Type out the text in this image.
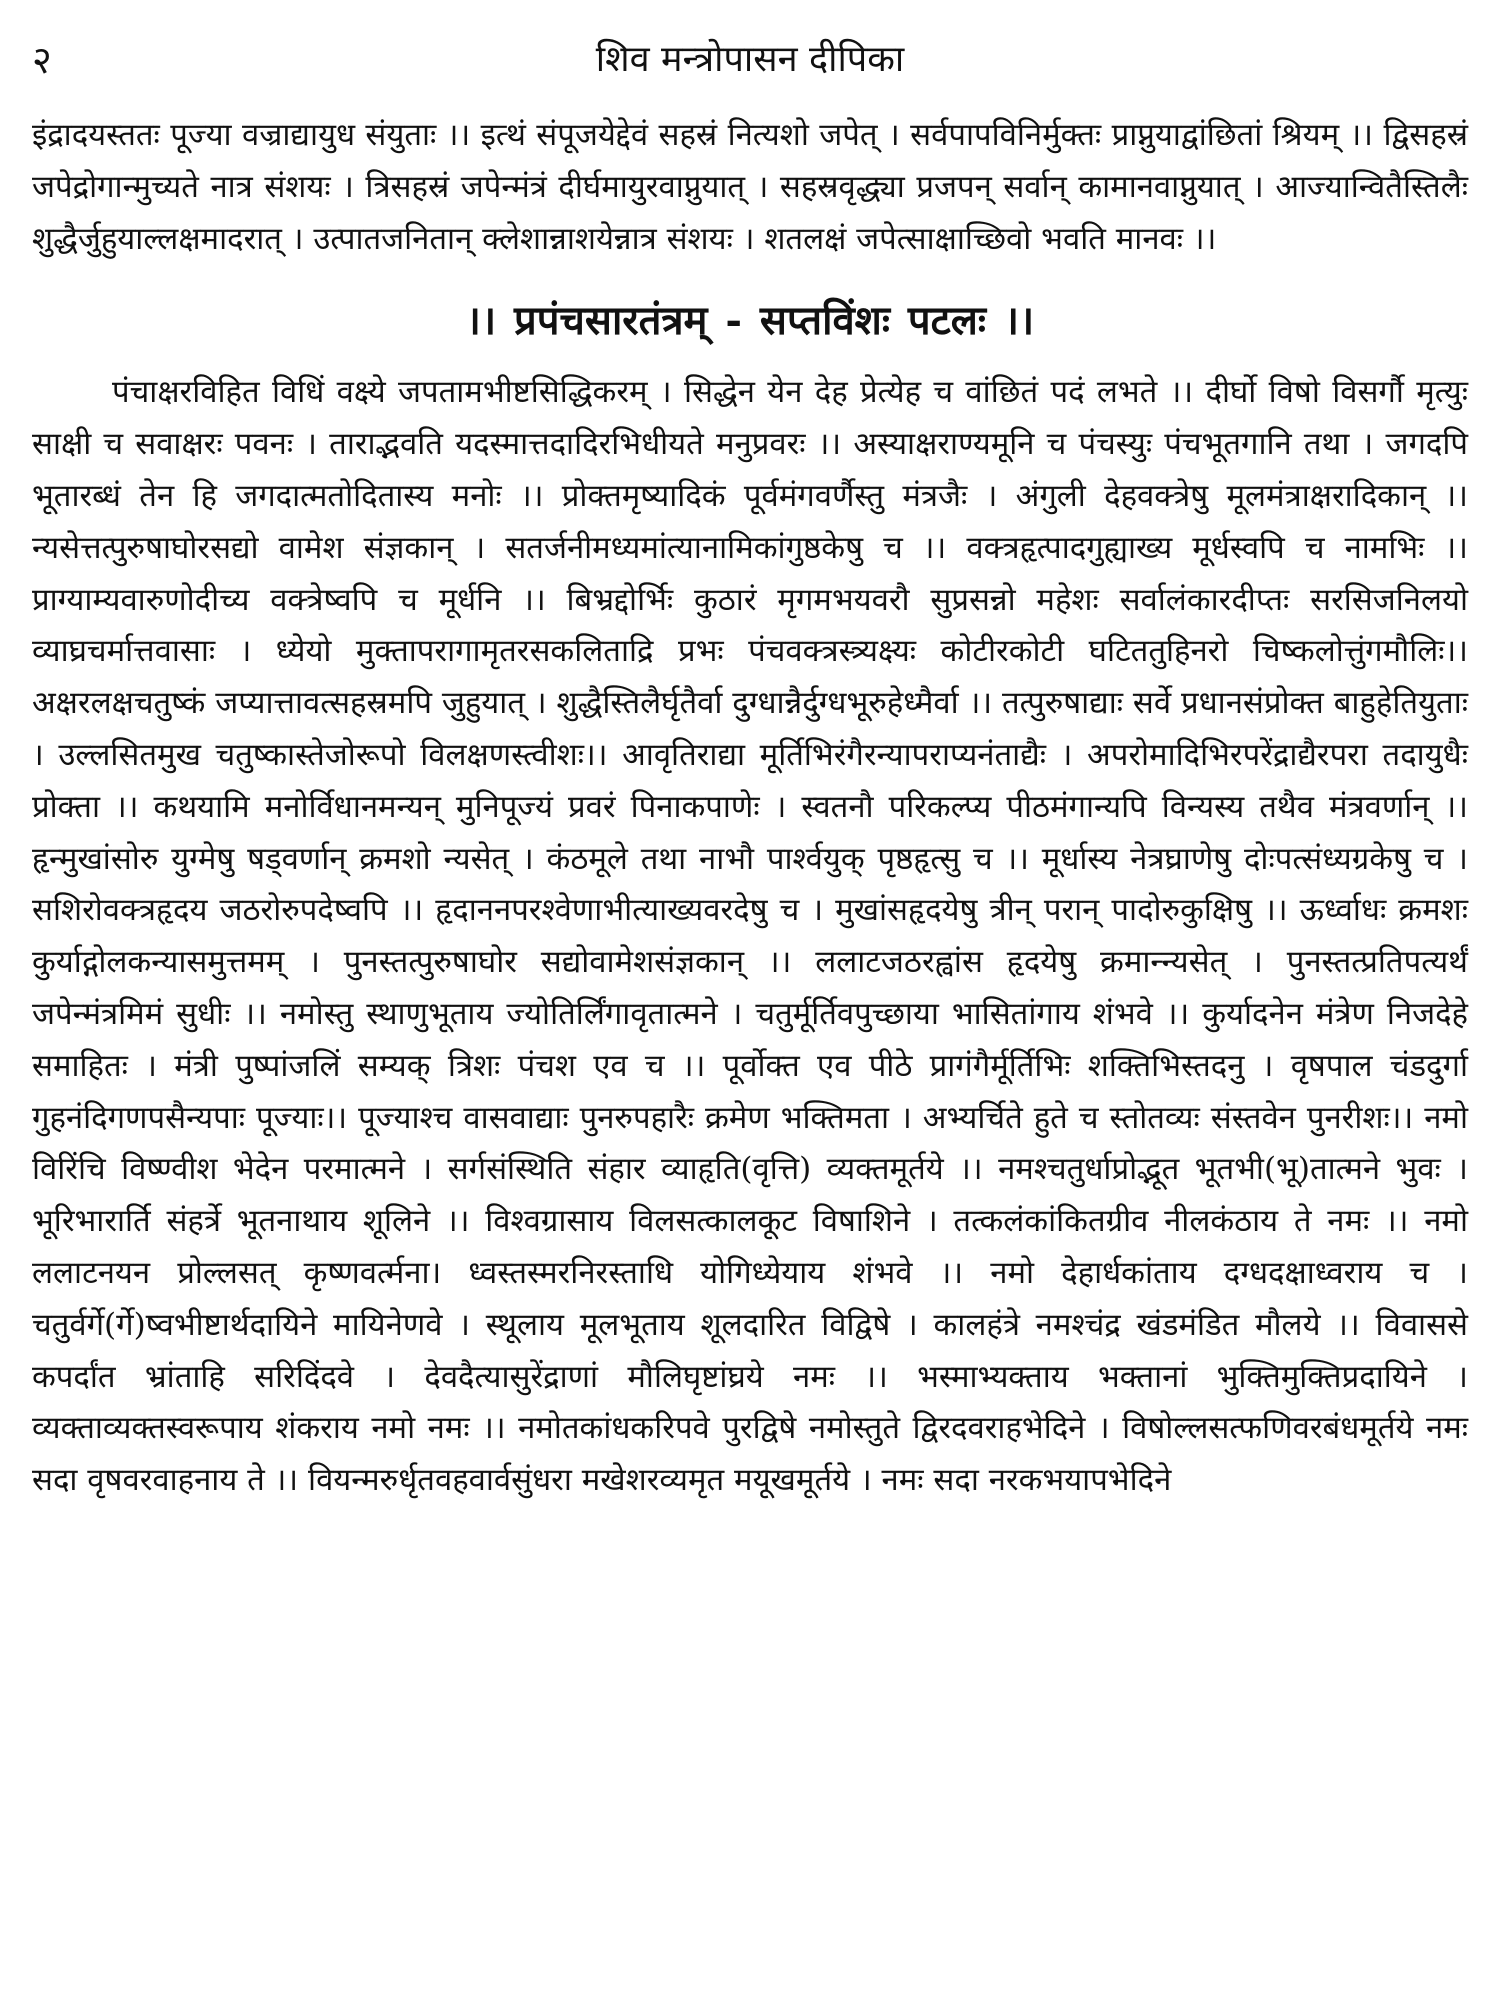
२	शिव मन्त्रोपासन दीपिका

इंद्रादयस्ततः पूज्या वज्राद्यायुध संयुताः ।। इत्थं संपूजयेद्देवं सहस्रं नित्यशो जपेत् । सर्वपापविनिर्मुक्तः प्राप्नुयाद्वांछितां श्रियम् ।। द्विसहस्रं जपेद्रोगान्मुच्यते नात्र संशयः । त्रिसहस्रं जपेन्मंत्रं दीर्घमायुरवाप्नुयात् । सहस्रवृद्ध्या प्रजपन् सर्वान् कामानवाप्नुयात् । आज्यान्वितैस्तिलैः शुद्धैर्जुहुयाल्लक्षमादरात् । उत्पातजनितान् क्लेशान्नाशयेन्नात्र संशयः । शतलक्षं जपेत्साक्षाच्छिवो भवति मानवः ।।

।। प्रपंचसारतंत्रम् - सप्तविंशः पटलः ।।

पंचाक्षरविहित विधिं वक्ष्ये जपतामभीष्टसिद्धिकरम् । सिद्धेन येन देह प्रेत्येह च वांछितं पदं लभते ।। दीर्घो विषो विसर्गौ मृत्युः साक्षी च सवाक्षरः पवनः । ताराद्भवति यदस्मात्तदादिरभिधीयते मनुप्रवरः ।। अस्याक्षराण्यमूनि च पंचस्युः पंचभूतगानि तथा । जगदपि भूतारब्धं तेन हि जगदात्मतोदितास्य मनोः ।। प्रोक्तमृष्यादिकं पूर्वमंगवर्णैस्तु मंत्रजैः । अंगुली देहवक्त्रेषु मूलमंत्राक्षरादिकान् ।। न्यसेत्तत्पुरुषाघोरसद्यो वामेश संज्ञकान् । सतर्जनीमध्यमांत्यानामिकांगुष्ठकेषु च ।। वक्त्रहृत्पादगुह्याख्य मूर्धस्वपि च नामभिः ।। प्राग्याम्यवारुणोदीच्य वक्त्रेष्वपि च मूर्धनि ।। बिभ्रद्दोर्भिः कुठारं मृगमभयवरौ सुप्रसन्नो महेशः सर्वालंकारदीप्तः सरसिजनिलयो व्याघ्रचर्मात्तवासाः । ध्येयो मुक्तापरागामृतरसकलिताद्रि प्रभः पंचवक्त्रस्त्र्यक्ष्यः कोटीरकोटी घटिततुहिनरो चिष्कलोत्तुंगमौलिः।। अक्षरलक्षचतुष्कं जप्यात्तावत्सहस्रमपि जुहुयात् । शुद्धैस्तिलैर्घृतैर्वा दुग्धान्नैर्दुग्धभूरुहेध्मैर्वा ।। तत्पुरुषाद्याः सर्वे प्रधानसंप्रोक्त बाहुहेतियुताः । उल्लसितमुख चतुष्कास्तेजोरूपो विलक्षणस्त्वीशः।। आवृतिराद्या मूर्तिभिरंगैरन्यापराप्यनंताद्यैः । अपरोमादिभिरपरेंद्राद्यैरपरा तदायुधैः प्रोक्ता ।। कथयामि मनोर्विधानमन्यन् मुनिपूज्यं प्रवरं पिनाकपाणेः । स्वतनौ परिकल्प्य पीठमंगान्यपि विन्यस्य तथैव मंत्रवर्णान् ।। हृन्मुखांसोरु युग्मेषु षड्वर्णान् क्रमशो न्यसेत् । कंठमूले तथा नाभौ पार्श्वयुक् पृष्ठहृत्सु च ।। मूर्धास्य नेत्रघ्राणेषु दोःपत्संध्यग्रकेषु च । सशिरोवक्त्रहृदय जठरोरुपदेष्वपि ।। हृदाननपरश्वेणाभीत्याख्यवरदेषु च । मुखांसहृदयेषु त्रीन् परान् पादोरुकुक्षिषु ।। ऊर्ध्वाधः क्रमशः कुर्याद्गोलकन्यासमुत्तमम् । पुनस्तत्पुरुषाघोर सद्योवामेशसंज्ञकान् ।। ललाटजठरह्वांस हृदयेषु क्रमान्न्यसेत् । पुनस्तत्प्रतिपत्यर्थं जपेन्मंत्रमिमं सुधीः ।। नमोस्तु स्थाणुभूताय ज्योतिर्लिंगावृतात्मने । चतुर्मूर्तिवपुच्छाया भासितांगाय शंभवे ।। कुर्यादनेन मंत्रेण निजदेहे समाहितः । मंत्री पुष्पांजलिं सम्यक् त्रिशः पंचश एव च ।। पूर्वोक्त एव पीठे प्रागंगैर्मूर्तिभिः शक्तिभिस्तदनु । वृषपाल चंडदुर्गा गुहनंदिगणपसैन्यपाः पूज्याः।। पूज्याश्च वासवाद्याः पुनरुपहारैः क्रमेण भक्तिमता । अभ्यर्चिते हुते च स्तोतव्यः संस्तवेन पुनरीशः।। नमो विरिंचि विष्ण्वीश भेदेन परमात्मने । सर्गसंस्थिति संहार व्याहृति(वृत्ति) व्यक्तमूर्तये ।। नमश्चतुर्धाप्रोद्भूत भूतभी(भू)तात्मने भुवः । भूरिभारार्ति संहर्त्रे भूतनाथाय शूलिने ।। विश्वग्रासाय विलसत्कालकूट विषाशिने । तत्कलंकांकितग्रीव नीलकंठाय ते नमः ।। नमो ललाटनयन प्रोल्लसत् कृष्णवर्त्मना। ध्वस्तस्मरनिरस्ताधि योगिध्येयाय शंभवे ।। नमो देहार्धकांताय दग्धदक्षाध्वराय च । चतुर्वर्गे(र्गे)ष्वभीष्टार्थदायिने मायिनेणवे । स्थूलाय मूलभूताय शूलदारित विद्विषे । कालहंत्रे नमश्चंद्र खंडमंडित मौलये ।। विवाससे कपर्दांत भ्रांताहि सरिदिंदवे । देवदैत्यासुरेंद्राणां मौलिघृष्टांघ्रये नमः ।। भस्माभ्यक्ताय भक्तानां भुक्तिमुक्तिप्रदायिने । व्यक्ताव्यक्तस्वरूपाय शंकराय नमो नमः ।। नमोतकांधकरिपवे पुरद्विषे नमोस्तुते द्विरदवराहभेदिने । विषोल्लसत्फणिवरबंधमूर्तये नमः सदा वृषवरवाहनाय ते ।। वियन्मरुर्धृतवहवार्वसुंधरा मखेशरव्यमृत मयूखमूर्तये । नमः सदा नरकभयापभेदिने
